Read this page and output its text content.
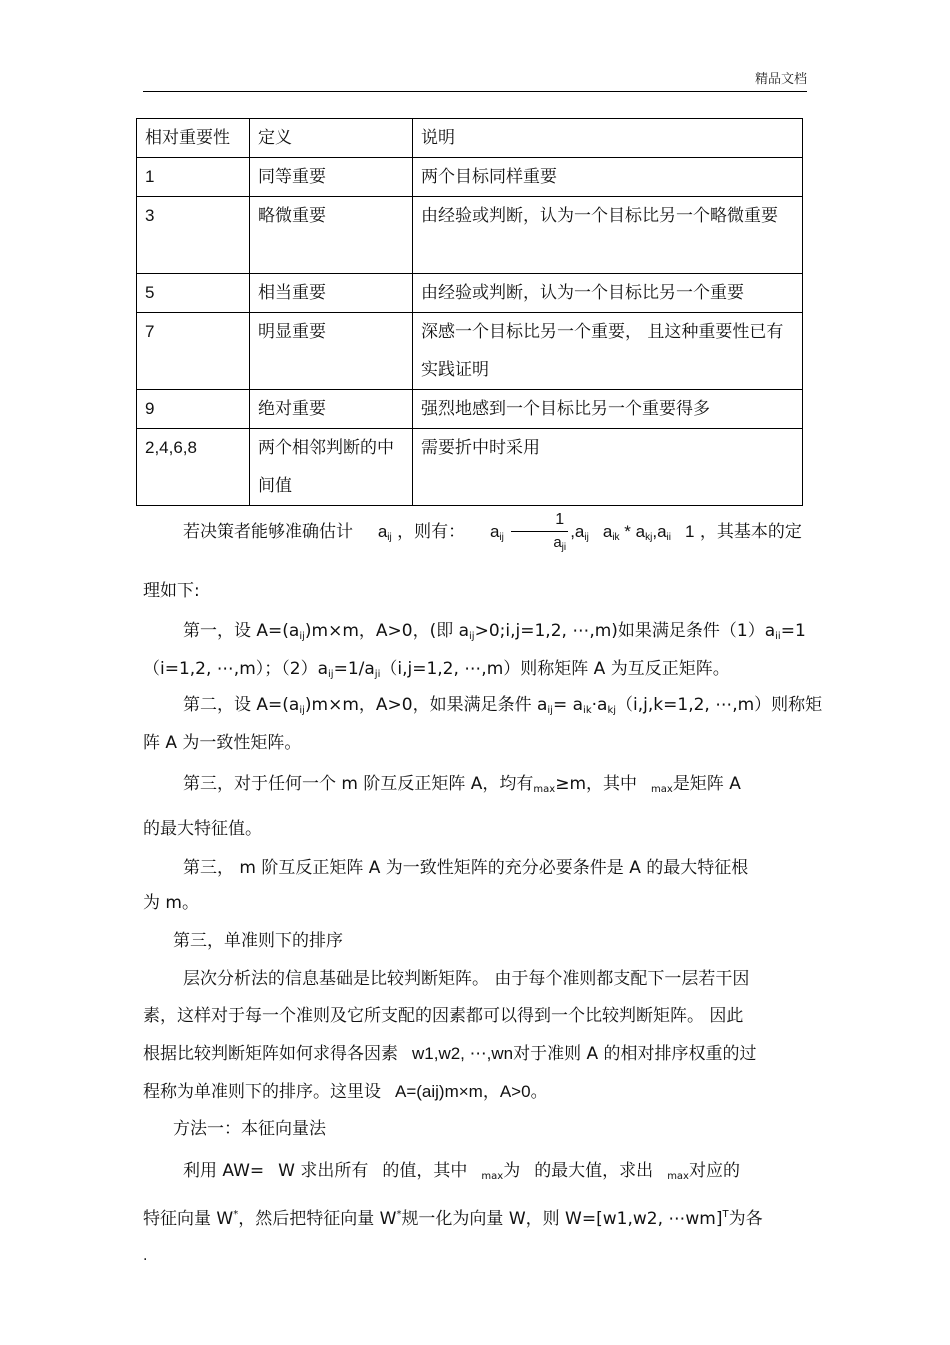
精品文档
相对重要性	定义	说明
1	同等重要	两个目标同样重要
3	略微重要	由经验或判断，认为一个目标比另一个略微重要
5	相当重要	由经验或判断，认为一个目标比另一个重要
7	明显重要	深感一个目标比另一个重要， 且这种重要性已有实践证明
9	绝对重要	强烈地感到一个目标比另一个重要得多
2,4,6,8	两个相邻判断的中间值	需要折中时采用
若决策者能够准确估计 $a_{ij}$ ，则有： $a_{ij} \frac{1}{a_{ji}} ,a_{ij}$ $a_{ik} * a_{kj},a_{ii}$ 1 ，其基本的定
理如下:
第一，设 $A=(a_{ij})m\times m$，A>0，(即 $a_{ij}>0;i,j=1,2$, ⋯,m)如果满足条件$(1)a_{ii}=1$
（i=1,2, ⋯,m）；$(2)a_{ij}=1/a_{ji}(i,j=1,2$, ⋯,m）则称矩阵 A 为互反正矩阵。
第二，设 $A=(a_{ij})m\times m$，A>0，如果满足条件 $a_{ij}= a_{ik}\cdot a_{kj}(i,j,k=1,2$, ⋯,m）则称矩
阵 A 为一致性矩阵。
第三，对于任何一个 m 阶互反正矩阵 A，均有$_{max}$≥m，其中 $_{max}$是矩阵 A
的最大特征值。
第三， m 阶互反正矩阵 A 为一致性矩阵的充分必要条件是 A 的最大特征根
为 m。
第三，单准则下的排序
层次分析法的信息基础是比较判断矩阵。 由于每个准则都支配下一层若干因
素，这样对于每一个准则及它所支配的因素都可以得到一个比较判断矩阵。 因此
根据比较判断矩阵如何求得各因素 w1,w2, ⋯,wn对于准则 A 的相对排序权重的过
程称为单准则下的排序。这里设 A=(aij)m×m，A>0。
方法一：本征向量法
利用 AW= W 求出所有 的值，其中 $_{max}$为 的最大值，求出 $_{max}$对应的
特征向量 W*，然后把特征向量 W*规一化为向量 W，则 W=[w1,w2, ⋯wm]$^T$为各
.
